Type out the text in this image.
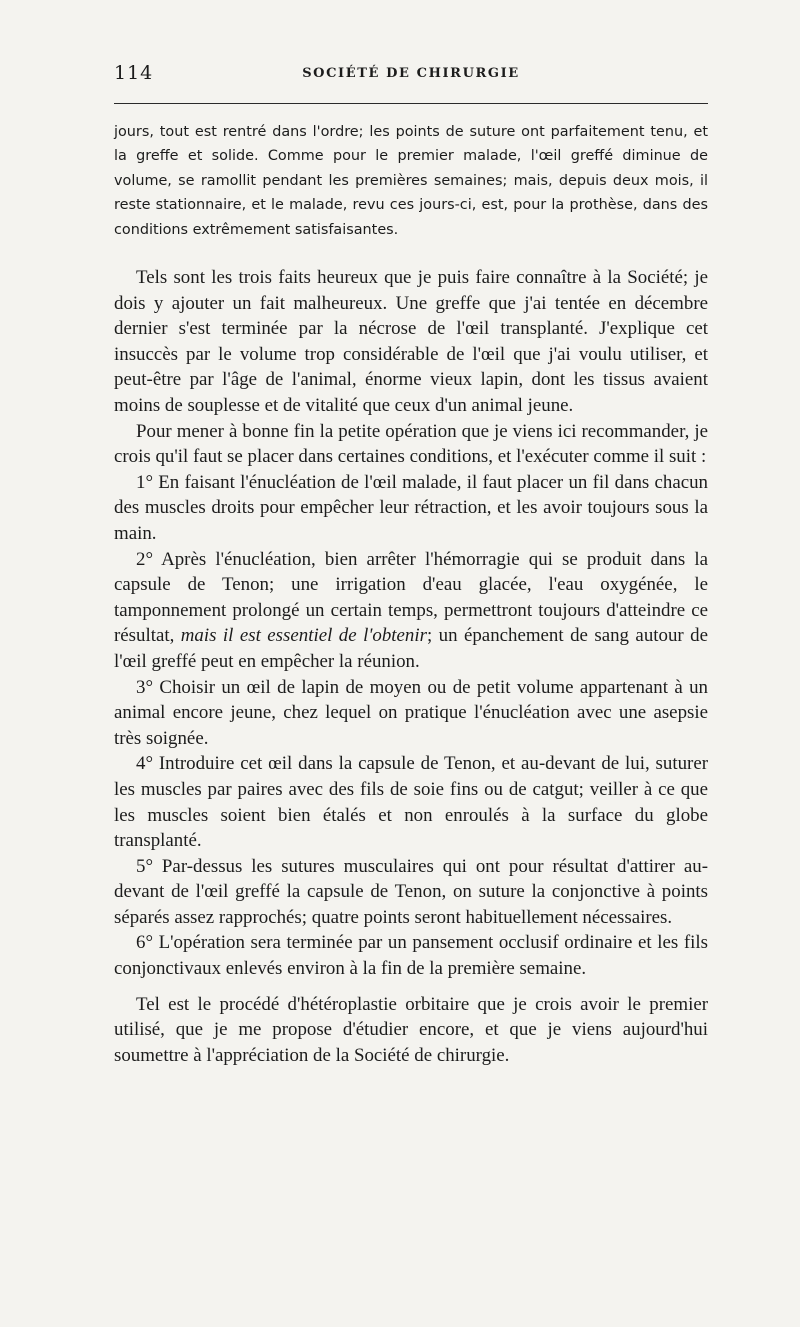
114	SOCIÉTÉ DE CHIRURGIE

jours, tout est rentré dans l'ordre; les points de suture ont parfaitement tenu, et la greffe et solide. Comme pour le premier malade, l'œil greffé diminue de volume, se ramollit pendant les premières semaines; mais, depuis deux mois, il reste stationnaire, et le malade, revu ces jours-ci, est, pour la prothèse, dans des conditions extrêmement satisfaisantes.

Tels sont les trois faits heureux que je puis faire connaître à la Société; je dois y ajouter un fait malheureux. Une greffe que j'ai tentée en décembre dernier s'est terminée par la nécrose de l'œil transplanté. J'explique cet insuccès par le volume trop considérable de l'œil que j'ai voulu utiliser, et peut-être par l'âge de l'animal, énorme vieux lapin, dont les tissus avaient moins de souplesse et de vitalité que ceux d'un animal jeune.

Pour mener à bonne fin la petite opération que je viens ici recommander, je crois qu'il faut se placer dans certaines conditions, et l'exécuter comme il suit :

1° En faisant l'énucléation de l'œil malade, il faut placer un fil dans chacun des muscles droits pour empêcher leur rétraction, et les avoir toujours sous la main.

2° Après l'énucléation, bien arrêter l'hémorragie qui se produit dans la capsule de Tenon; une irrigation d'eau glacée, l'eau oxygénée, le tamponnement prolongé un certain temps, permettront toujours d'atteindre ce résultat, mais il est essentiel de l'obtenir; un épanchement de sang autour de l'œil greffé peut en empêcher la réunion.

3° Choisir un œil de lapin de moyen ou de petit volume appartenant à un animal encore jeune, chez lequel on pratique l'énucléation avec une asepsie très soignée.

4° Introduire cet œil dans la capsule de Tenon, et au-devant de lui, suturer les muscles par paires avec des fils de soie fins ou de catgut; veiller à ce que les muscles soient bien étalés et non enroulés à la surface du globe transplanté.

5° Par-dessus les sutures musculaires qui ont pour résultat d'attirer au-devant de l'œil greffé la capsule de Tenon, on suture la conjonctive à points séparés assez rapprochés; quatre points seront habituellement nécessaires.

6° L'opération sera terminée par un pansement occlusif ordinaire et les fils conjonctivaux enlevés environ à la fin de la première semaine.

Tel est le procédé d'hétéroplastie orbitaire que je crois avoir le premier utilisé, que je me propose d'étudier encore, et que je viens aujourd'hui soumettre à l'appréciation de la Société de chirurgie.
